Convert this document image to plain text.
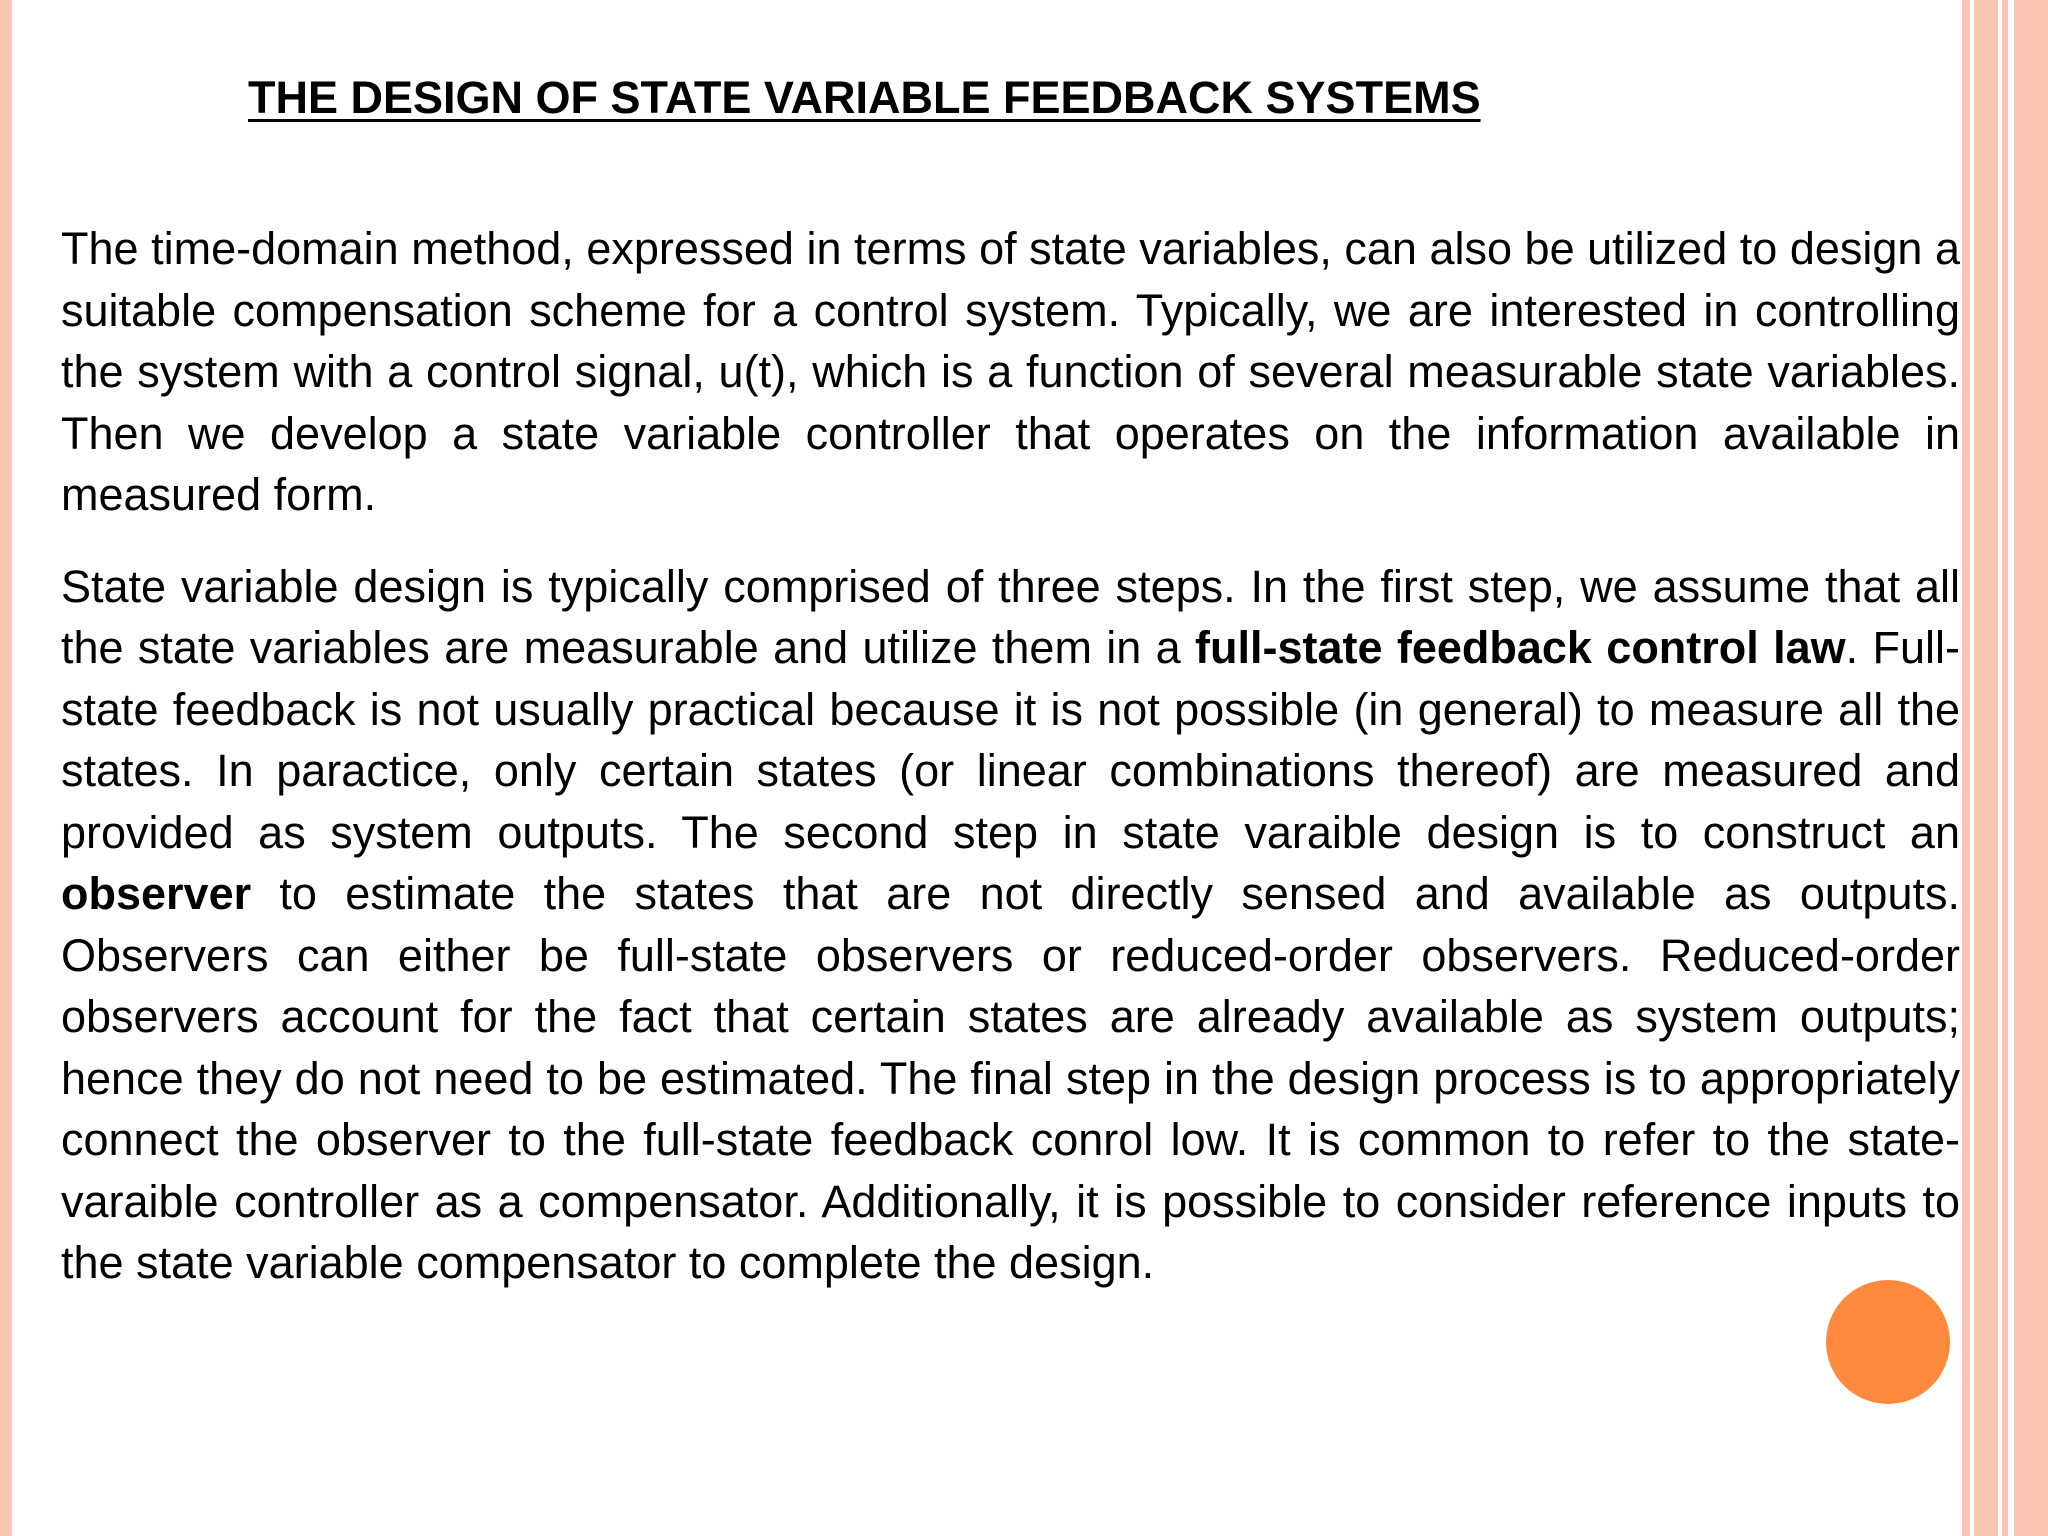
THE DESIGN OF STATE VARIABLE FEEDBACK SYSTEMS

The time-domain method, expressed in terms of state variables, can also be utilized to design a suitable compensation scheme for a control system. Typically, we are interested in controlling the system with a control signal, u(t), which is a function of several measurable state variables. Then we develop a state variable controller that operates on the information available in measured form.

State variable design is typically comprised of three steps. In the first step, we assume that all the state variables are measurable and utilize them in a full-state feedback control law. Full-state feedback is not usually practical because it is not possible (in general) to measure all the states. In paractice, only certain states (or linear combinations thereof) are measured and provided as system outputs. The second step in state varaible design is to construct an observer to estimate the states that are not directly sensed and available as outputs. Observers can either be full-state observers or reduced-order observers. Reduced-order observers account for the fact that certain states are already available as system outputs; hence they do not need to be estimated. The final step in the design process is to appropriately connect the observer to the full-state feedback conrol low. It is common to refer to the state-varaible controller as a compensator. Additionally, it is possible to consider reference inputs to the state variable compensator to complete the design.
